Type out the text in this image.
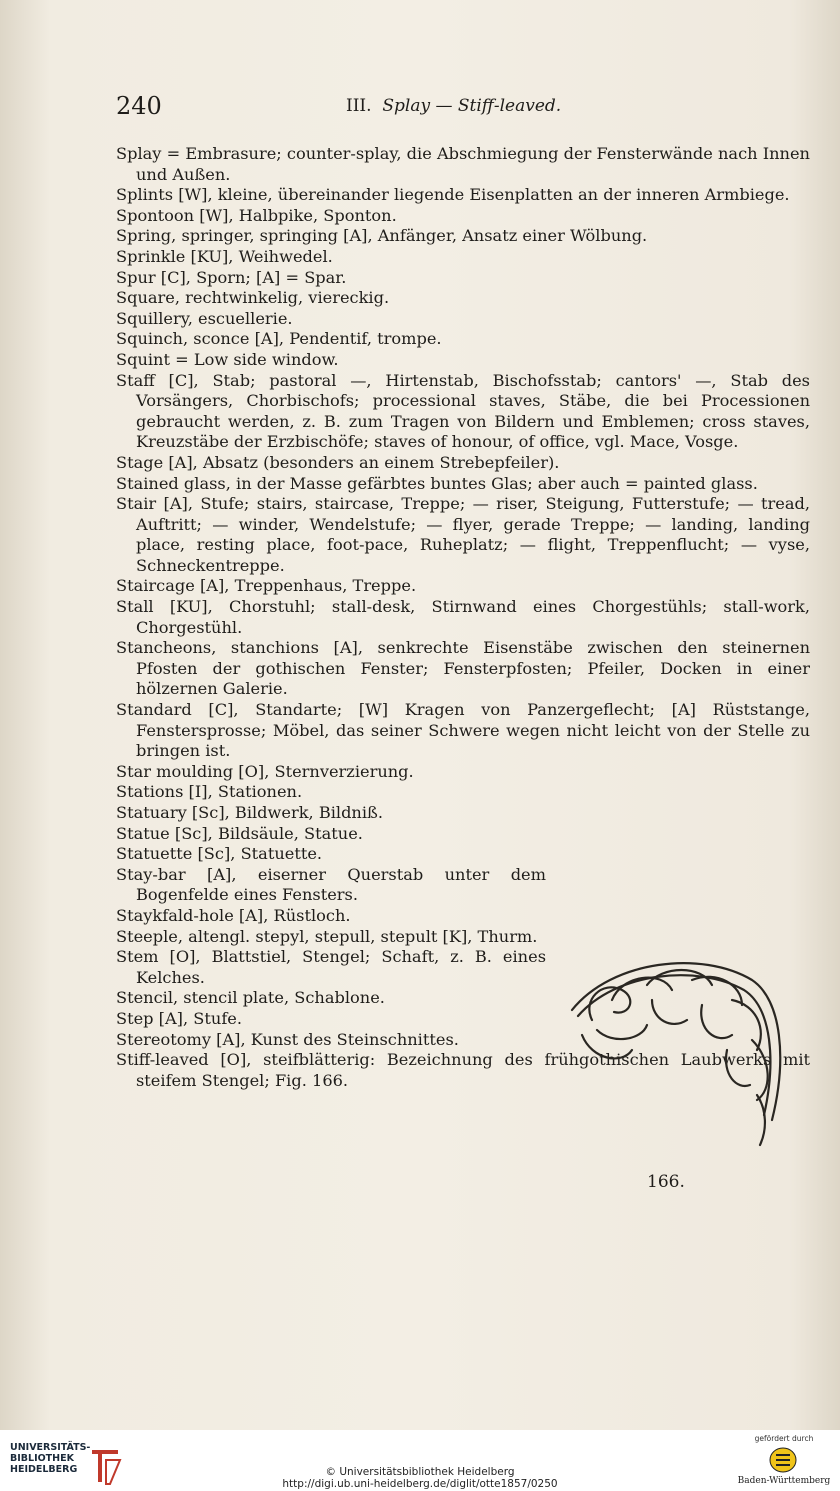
240	III. Splay — Stiff-leaved.

Splay = Embrasure; counter-splay, die Abschmiegung der Fensterwände nach Innen und Außen.

Splints [W], kleine, übereinander liegende Eisenplatten an der inneren Armbiege.

Spontoon [W], Halbpike, Sponton.

Spring, springer, springing [A], Anfänger, Ansatz einer Wölbung.

Sprinkle [KU], Weihwedel.

Spur [C], Sporn; [A] = Spar.

Square, rechtwinkelig, viereckig.

Squillery, escuellerie.

Squinch, sconce [A], Pendentif, trompe.

Squint = Low side window.

Staff [C], Stab; pastoral —, Hirtenstab, Bischofsstab; cantors' —, Stab des Vorsängers, Chorbischofs; processional staves, Stäbe, die bei Processionen gebraucht werden, z. B. zum Tragen von Bildern und Emblemen; cross staves, Kreuzstäbe der Erzbischöfe; staves of honour, of office, vgl. Mace, Vosge.

Stage [A], Absatz (besonders an einem Strebepfeiler).

Stained glass, in der Masse gefärbtes buntes Glas; aber auch = painted glass.

Stair [A], Stufe; stairs, staircase, Treppe; — riser, Steigung, Futterstufe; — tread, Auftritt; — winder, Wendelstufe; — flyer, gerade Treppe; — landing, landing place, resting place, foot-pace, Ruheplatz; — flight, Treppenflucht; — vyse, Schneckentreppe.

Staircage [A], Treppenhaus, Treppe.

Stall [KU], Chorstuhl; stall-desk, Stirnwand eines Chorgestühls; stall-work, Chorgestühl.

Stancheons, stanchions [A], senkrechte Eisenstäbe zwischen den steinernen Pfosten der gothischen Fenster; Fensterpfosten; Pfeiler, Docken in einer hölzernen Galerie.

Standard [C], Standarte; [W] Kragen von Panzergeflecht; [A] Rüststange, Fenstersprosse; Möbel, das seiner Schwere wegen nicht leicht von der Stelle zu bringen ist.

Star moulding [O], Sternverzierung.

Stations [I], Stationen.

Statuary [Sc], Bildwerk, Bildniß.

Statue [Sc], Bildsäule, Statue.

Statuette [Sc], Statuette.

Stay-bar [A], eiserner Querstab unter dem Bogenfelde eines Fensters.

Staykfald-hole [A], Rüstloch.

Steeple, altengl. stepyl, stepull, stepult [K], Thurm.

Stem [O], Blattstiel, Stengel; Schaft, z. B. eines Kelches.

Stencil, stencil plate, Schablone.

Step [A], Stufe.

Stereotomy [A], Kunst des Steinschnittes.

Stiff-leaved [O], steifblätterig: Bezeichnung des frühgothischen Laubwerks mit steifem Stengel; Fig. 166.

166.
UNIVERSITÄTS-
BIBLIOTHEK
HEIDELBERG	© Universitätsbibliothek Heidelberg
http://digi.ub.uni-heidelberg.de/diglit/otte1857/0250
gefördert durch
Baden-Württemberg
